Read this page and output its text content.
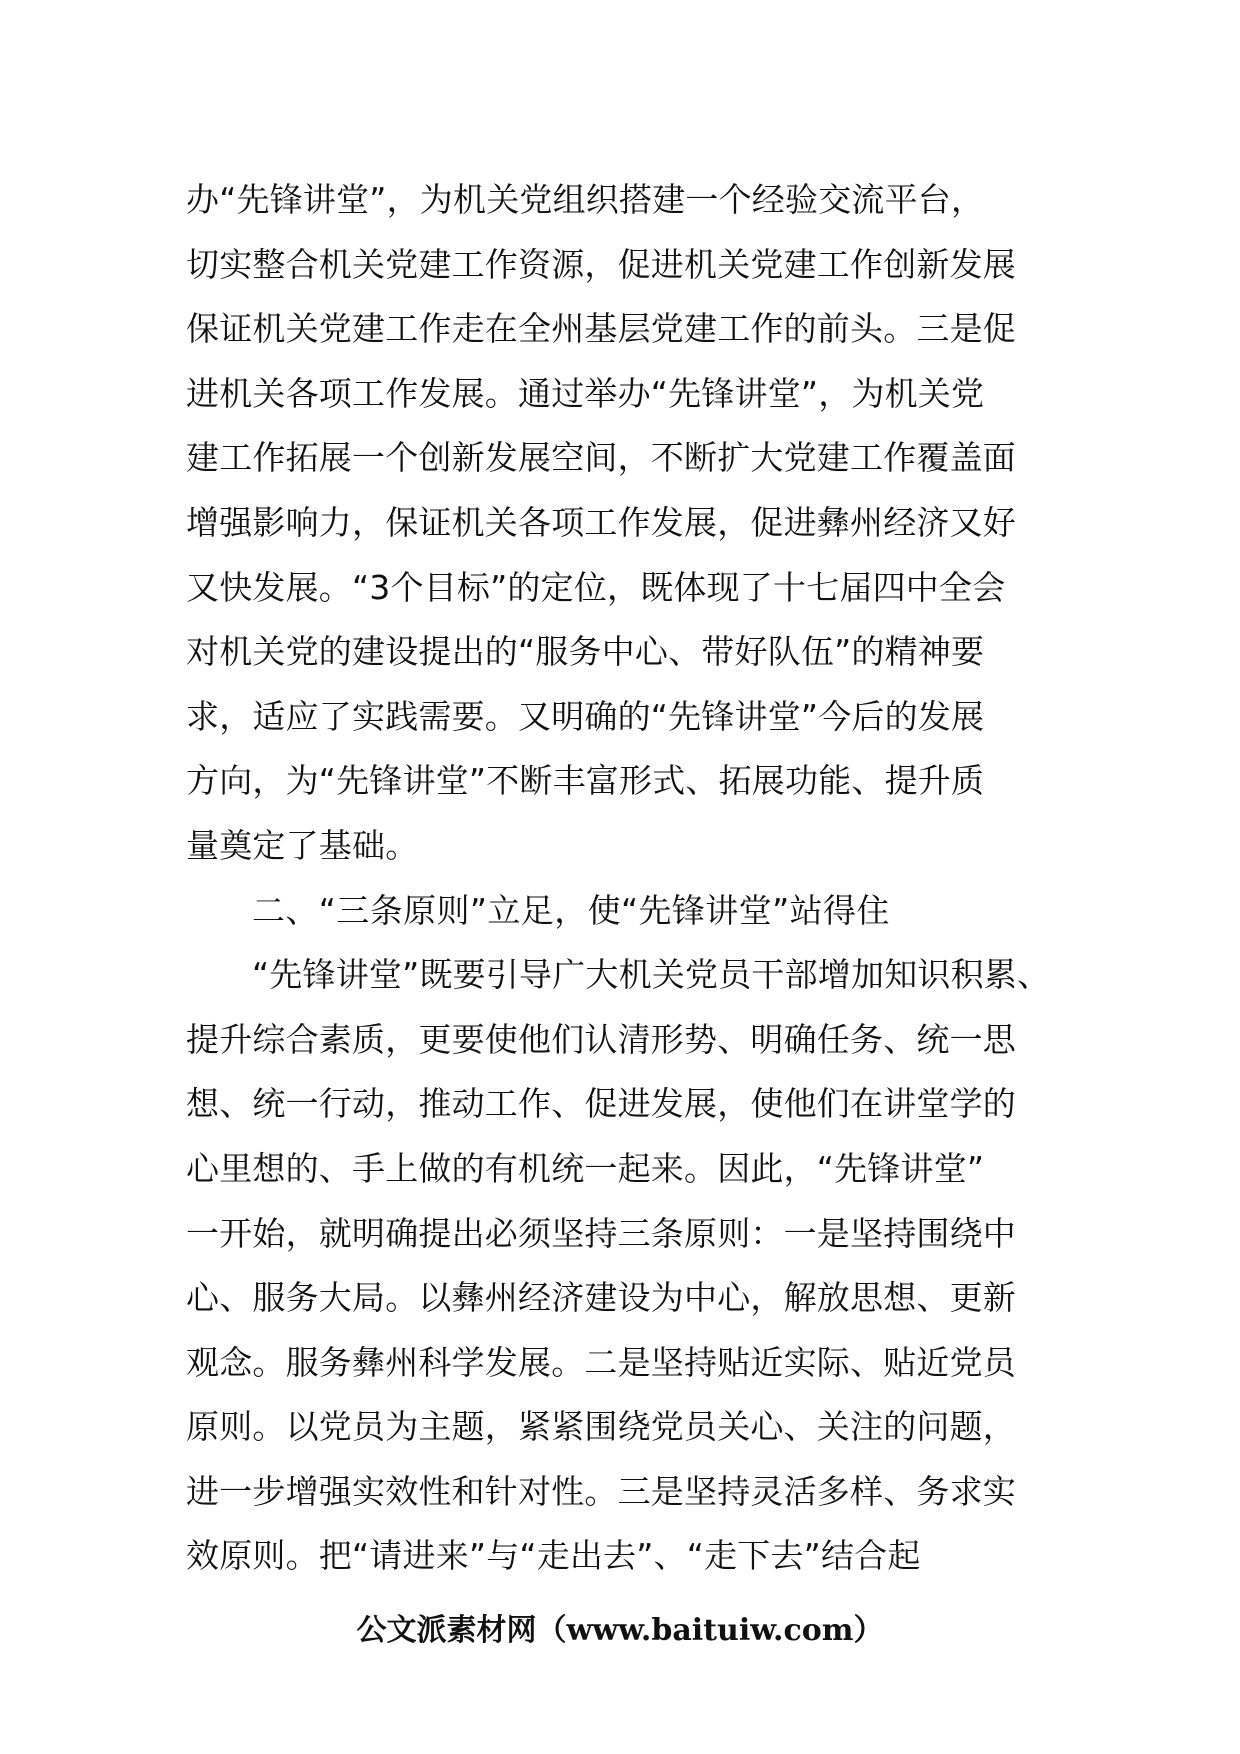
办“先锋讲堂”，为机关党组织搭建一个经验交流平台，
切实整合机关党建工作资源，促进机关党建工作创新发展
保证机关党建工作走在全州基层党建工作的前头。三是促
进机关各项工作发展。通过举办“先锋讲堂”，为机关党
建工作拓展一个创新发展空间，不断扩大党建工作覆盖面
增强影响力，保证机关各项工作发展，促进彝州经济又好
又快发展。“3个目标”的定位，既体现了十七届四中全会
对机关党的建设提出的“服务中心、带好队伍”的精神要
求，适应了实践需要。又明确的“先锋讲堂”今后的发展
方向，为“先锋讲堂”不断丰富形式、拓展功能、提升质
量奠定了基础。
二、“三条原则”立足，使“先锋讲堂”站得住
“先锋讲堂”既要引导广大机关党员干部增加知识积累、
提升综合素质，更要使他们认清形势、明确任务、统一思
想、统一行动，推动工作、促进发展，使他们在讲堂学的
心里想的、手上做的有机统一起来。因此，“先锋讲堂”
一开始，就明确提出必须坚持三条原则：一是坚持围绕中
心、服务大局。以彝州经济建设为中心，解放思想、更新
观念。服务彝州科学发展。二是坚持贴近实际、贴近党员
原则。以党员为主题，紧紧围绕党员关心、关注的问题，
进一步增强实效性和针对性。三是坚持灵活多样、务求实
效原则。把“请进来”与“走出去”、“走下去”结合起
公文派素材网（www.baituiw.com）
